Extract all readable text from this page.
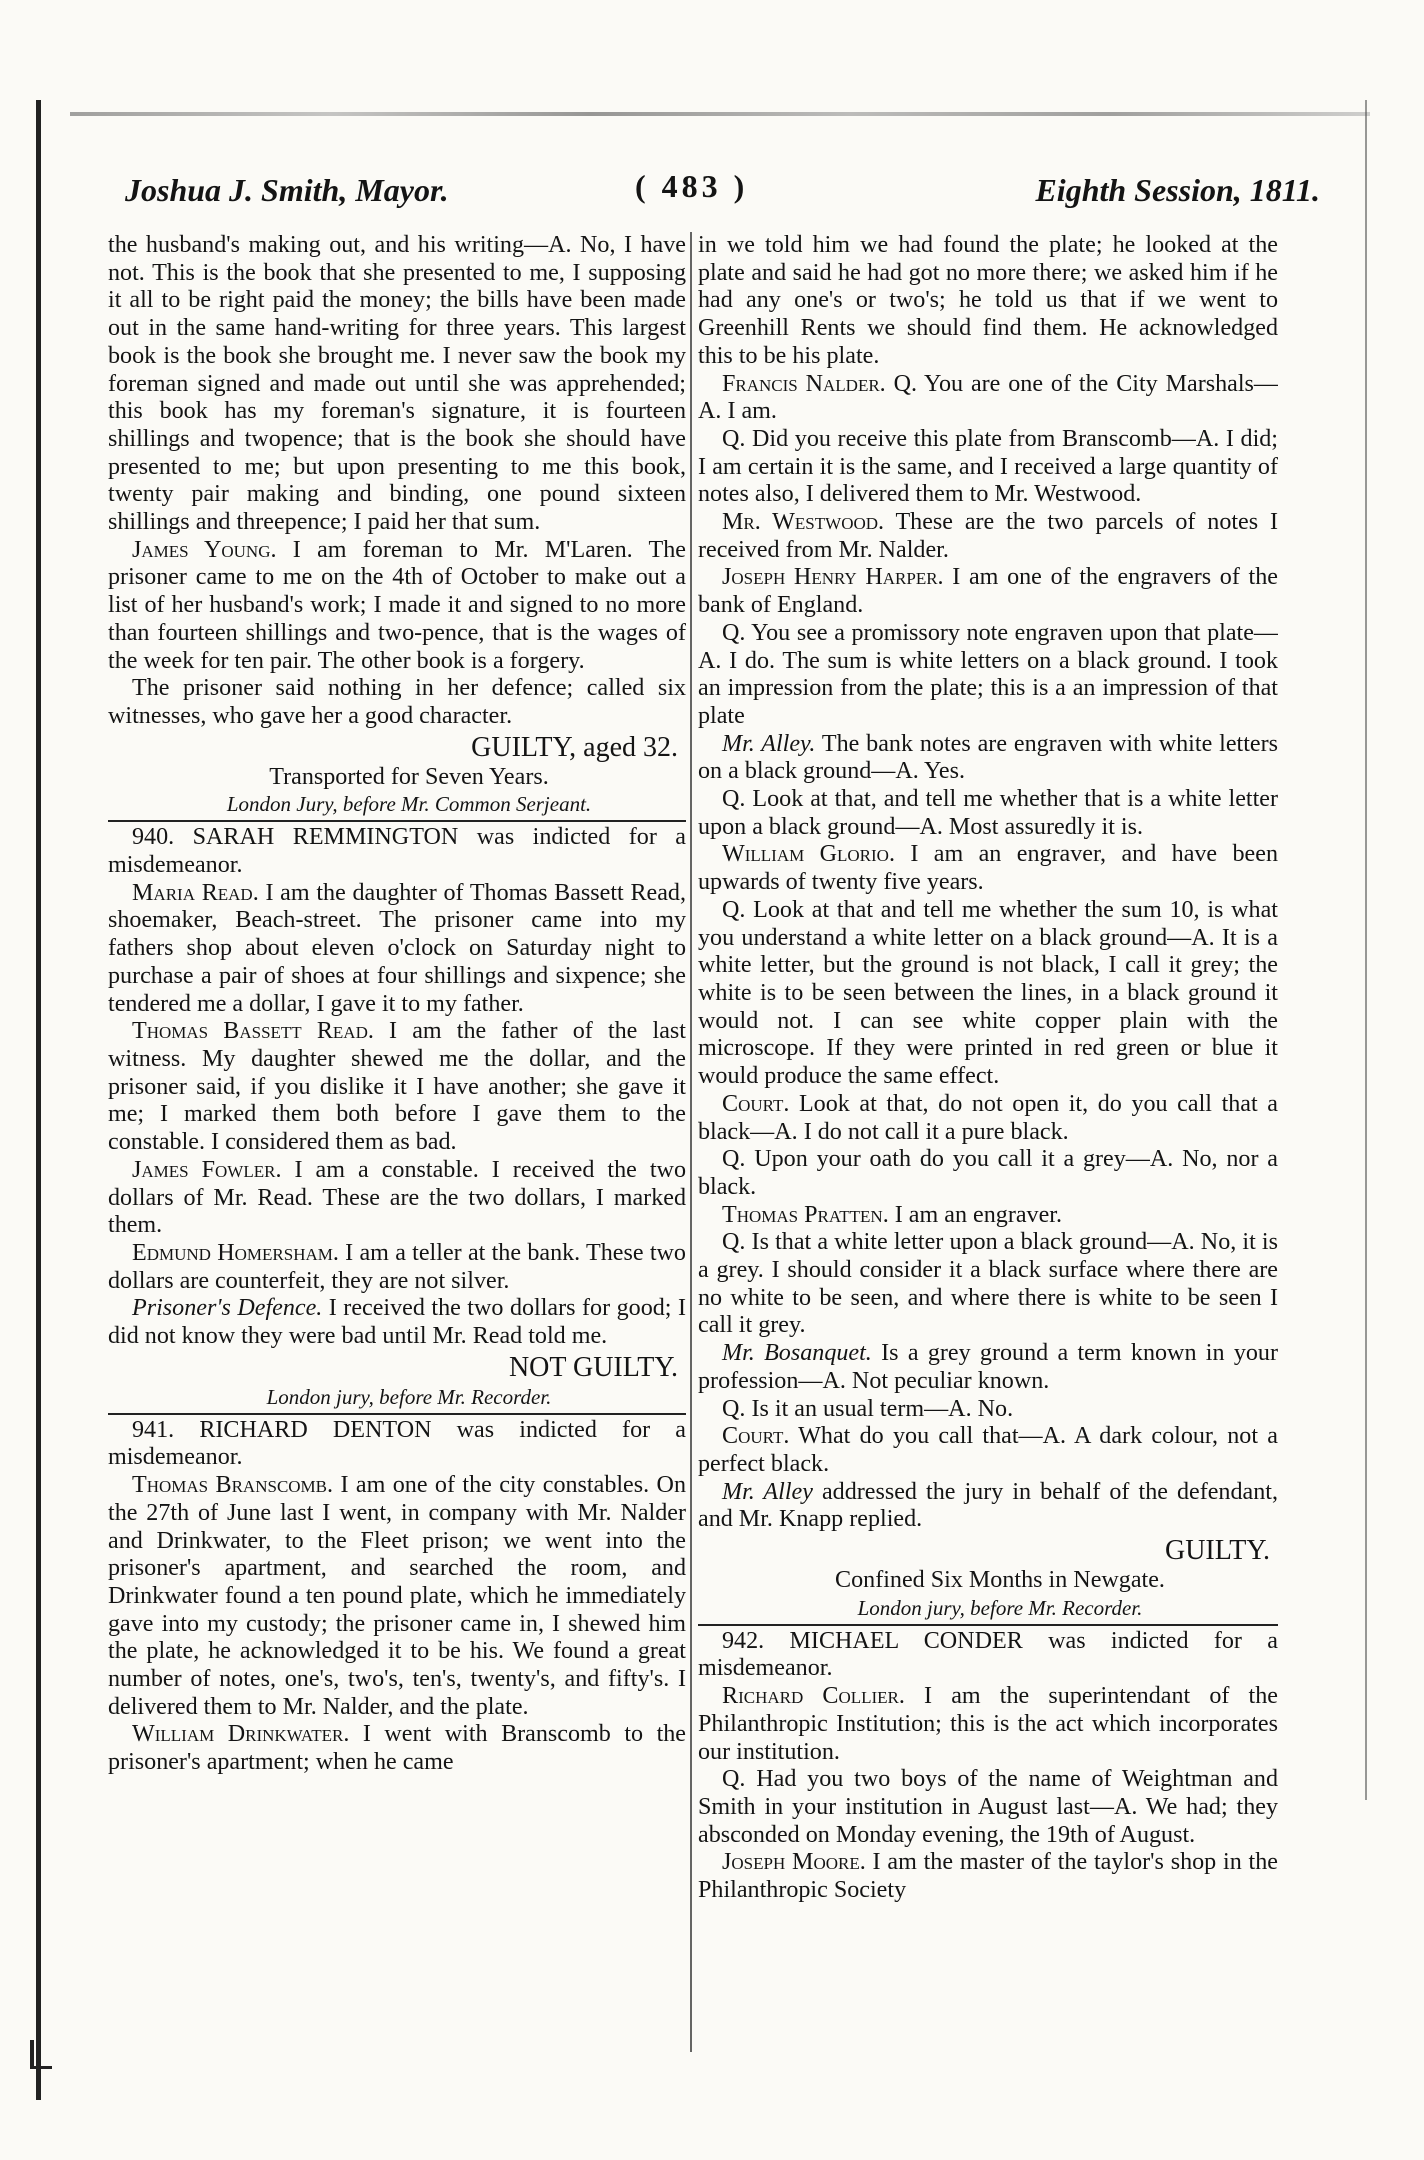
Joshua J. Smith, Mayor.	( 483 )	Eighth Session, 1811.

the husband's making out, and his writing—A. No, I have not. This is the book that she presented to me, I supposing it all to be right paid the money; the bills have been made out in the same hand-writing for three years. This largest book is the book she brought me. I never saw the book my foreman signed and made out until she was apprehended; this book has my foreman's signature, it is fourteen shillings and twopence; that is the book she should have presented to me; but upon presenting to me this book, twenty pair making and binding, one pound sixteen shillings and threepence; I paid her that sum.

James Young. I am foreman to Mr. M'Laren. The prisoner came to me on the 4th of October to make out a list of her husband's work; I made it and signed to no more than fourteen shillings and two-pence, that is the wages of the week for ten pair. The other book is a forgery.

The prisoner said nothing in her defence; called six witnesses, who gave her a good character.

GUILTY, aged 32.

Transported for Seven Years.

London Jury, before Mr. Common Serjeant.

940. SARAH REMMINGTON was indicted for a misdemeanor.

Maria Read. I am the daughter of Thomas Bassett Read, shoemaker, Beach-street. The prisoner came into my fathers shop about eleven o'clock on Saturday night to purchase a pair of shoes at four shillings and sixpence; she tendered me a dollar, I gave it to my father.

Thomas Bassett Read. I am the father of the last witness. My daughter shewed me the dollar, and the prisoner said, if you dislike it I have another; she gave it me; I marked them both before I gave them to the constable. I considered them as bad.

James Fowler. I am a constable. I received the two dollars of Mr. Read. These are the two dollars, I marked them.

Edmund Homersham. I am a teller at the bank. These two dollars are counterfeit, they are not silver.

Prisoner's Defence. I received the two dollars for good; I did not know they were bad until Mr. Read told me.

NOT GUILTY.

London jury, before Mr. Recorder.

941. RICHARD DENTON was indicted for a misdemeanor.

Thomas Branscomb. I am one of the city constables. On the 27th of June last I went, in company with Mr. Nalder and Drinkwater, to the Fleet prison; we went into the prisoner's apartment, and searched the room, and Drinkwater found a ten pound plate, which he immediately gave into my custody; the prisoner came in, I shewed him the plate, he acknowledged it to be his. We found a great number of notes, one's, two's, ten's, twenty's, and fifty's. I delivered them to Mr. Nalder, and the plate.

William Drinkwater. I went with Branscomb to the prisoner's apartment; when he came

in we told him we had found the plate; he looked at the plate and said he had got no more there; we asked him if he had any one's or two's; he told us that if we went to Greenhill Rents we should find them. He acknowledged this to be his plate.

Francis Nalder. Q. You are one of the City Marshals—A. I am.

Q. Did you receive this plate from Branscomb—A. I did; I am certain it is the same, and I received a large quantity of notes also, I delivered them to Mr. Westwood.

Mr. Westwood. These are the two parcels of notes I received from Mr. Nalder.

Joseph Henry Harper. I am one of the engravers of the bank of England.

Q. You see a promissory note engraven upon that plate—A. I do. The sum is white letters on a black ground. I took an impression from the plate; this is a an impression of that plate

Mr. Alley. The bank notes are engraven with white letters on a black ground—A. Yes.

Q. Look at that, and tell me whether that is a white letter upon a black ground—A. Most assuredly it is.

William Glorio. I am an engraver, and have been upwards of twenty five years.

Q. Look at that and tell me whether the sum 10, is what you understand a white letter on a black ground—A. It is a white letter, but the ground is not black, I call it grey; the white is to be seen between the lines, in a black ground it would not. I can see white copper plain with the microscope. If they were printed in red green or blue it would produce the same effect.

Court. Look at that, do not open it, do you call that a black—A. I do not call it a pure black.

Q. Upon your oath do you call it a grey—A. No, nor a black.

Thomas Pratten. I am an engraver.

Q. Is that a white letter upon a black ground—A. No, it is a grey. I should consider it a black surface where there are no white to be seen, and where there is white to be seen I call it grey.

Mr. Bosanquet. Is a grey ground a term known in your profession—A. Not peculiar known.

Q. Is it an usual term—A. No.

Court. What do you call that—A. A dark colour, not a perfect black.

Mr. Alley addressed the jury in behalf of the defendant, and Mr. Knapp replied.

GUILTY.

Confined Six Months in Newgate.

London jury, before Mr. Recorder.

942. MICHAEL CONDER was indicted for a misdemeanor.

Richard Collier. I am the superintendant of the Philanthropic Institution; this is the act which incorporates our institution.

Q. Had you two boys of the name of Weightman and Smith in your institution in August last—A. We had; they absconded on Monday evening, the 19th of August.

Joseph Moore. I am the master of the taylor's shop in the Philanthropic Society
